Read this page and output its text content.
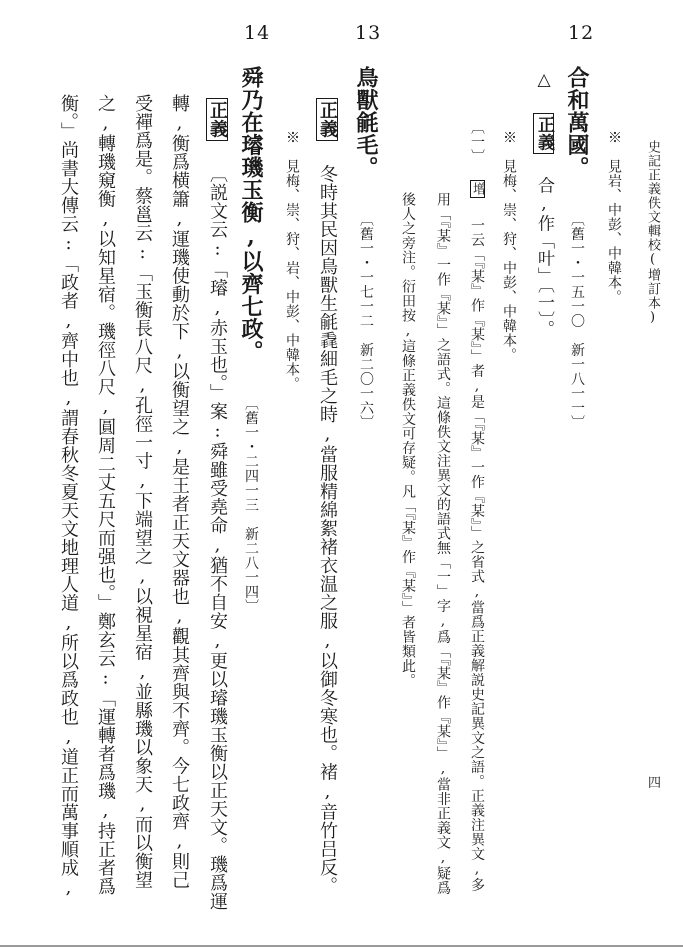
史記正義佚文輯校(增訂本)
四
12
13
14
合和萬國。 〔舊一・一五一〇　新一八一一〕 ※　見岩、中彭、中韓本。
△ 正義 合,作「叶」〔一〕。
※　見梅、崇、狩、中彭、中韓本。
〔一〕 增 一云「『某』作『某』」者,是「『某』一作『某』」之省式,當爲正義解説史記異文之語。正義注異文,多
用「『某』一作『某』」之語式。這條佚文注異文的語式無「一」字,爲「『某』作『某』」,當非正義文,疑爲
後人之旁注。衍田按,這條正義佚文可存疑。凡「『某』作『某』」者皆類此。
鳥獸毹毛。 〔舊一・一七一二　新二〇一六〕
正義 冬時其民因鳥獸生毹毳細毛之時,當服精綿絮褚衣温之服,以御冬寒也。褚,音竹吕反。
※　見梅、崇、狩、岩、中彭、中韓本。
舜乃在璿璣玉衡,以齊七政。 〔舊一・二四一三　新二八一四〕
正義 〔説文云:「璿,赤玉也。」案:舜雖受堯命,猶不自安,更以璿璣玉衡以正天文。璣爲運
轉,衡爲横簫,運璣使動於下,以衡望之,是王者正天文器也,觀其齊與不齊。今七政齊,則己
受禪爲是。蔡邕云:「玉衡長八尺,孔徑一寸,下端望之,以視星宿,並縣璣以象天,而以衡望
之,轉璣窺衡,以知星宿。璣徑八尺,圓周二丈五尺而强也。」鄭玄云:「運轉者爲璣,持正者爲
衡。」尚書大傳云:「政者,齊中也,謂春秋冬夏天文地理人道,所以爲政也,道正而萬事順成,
